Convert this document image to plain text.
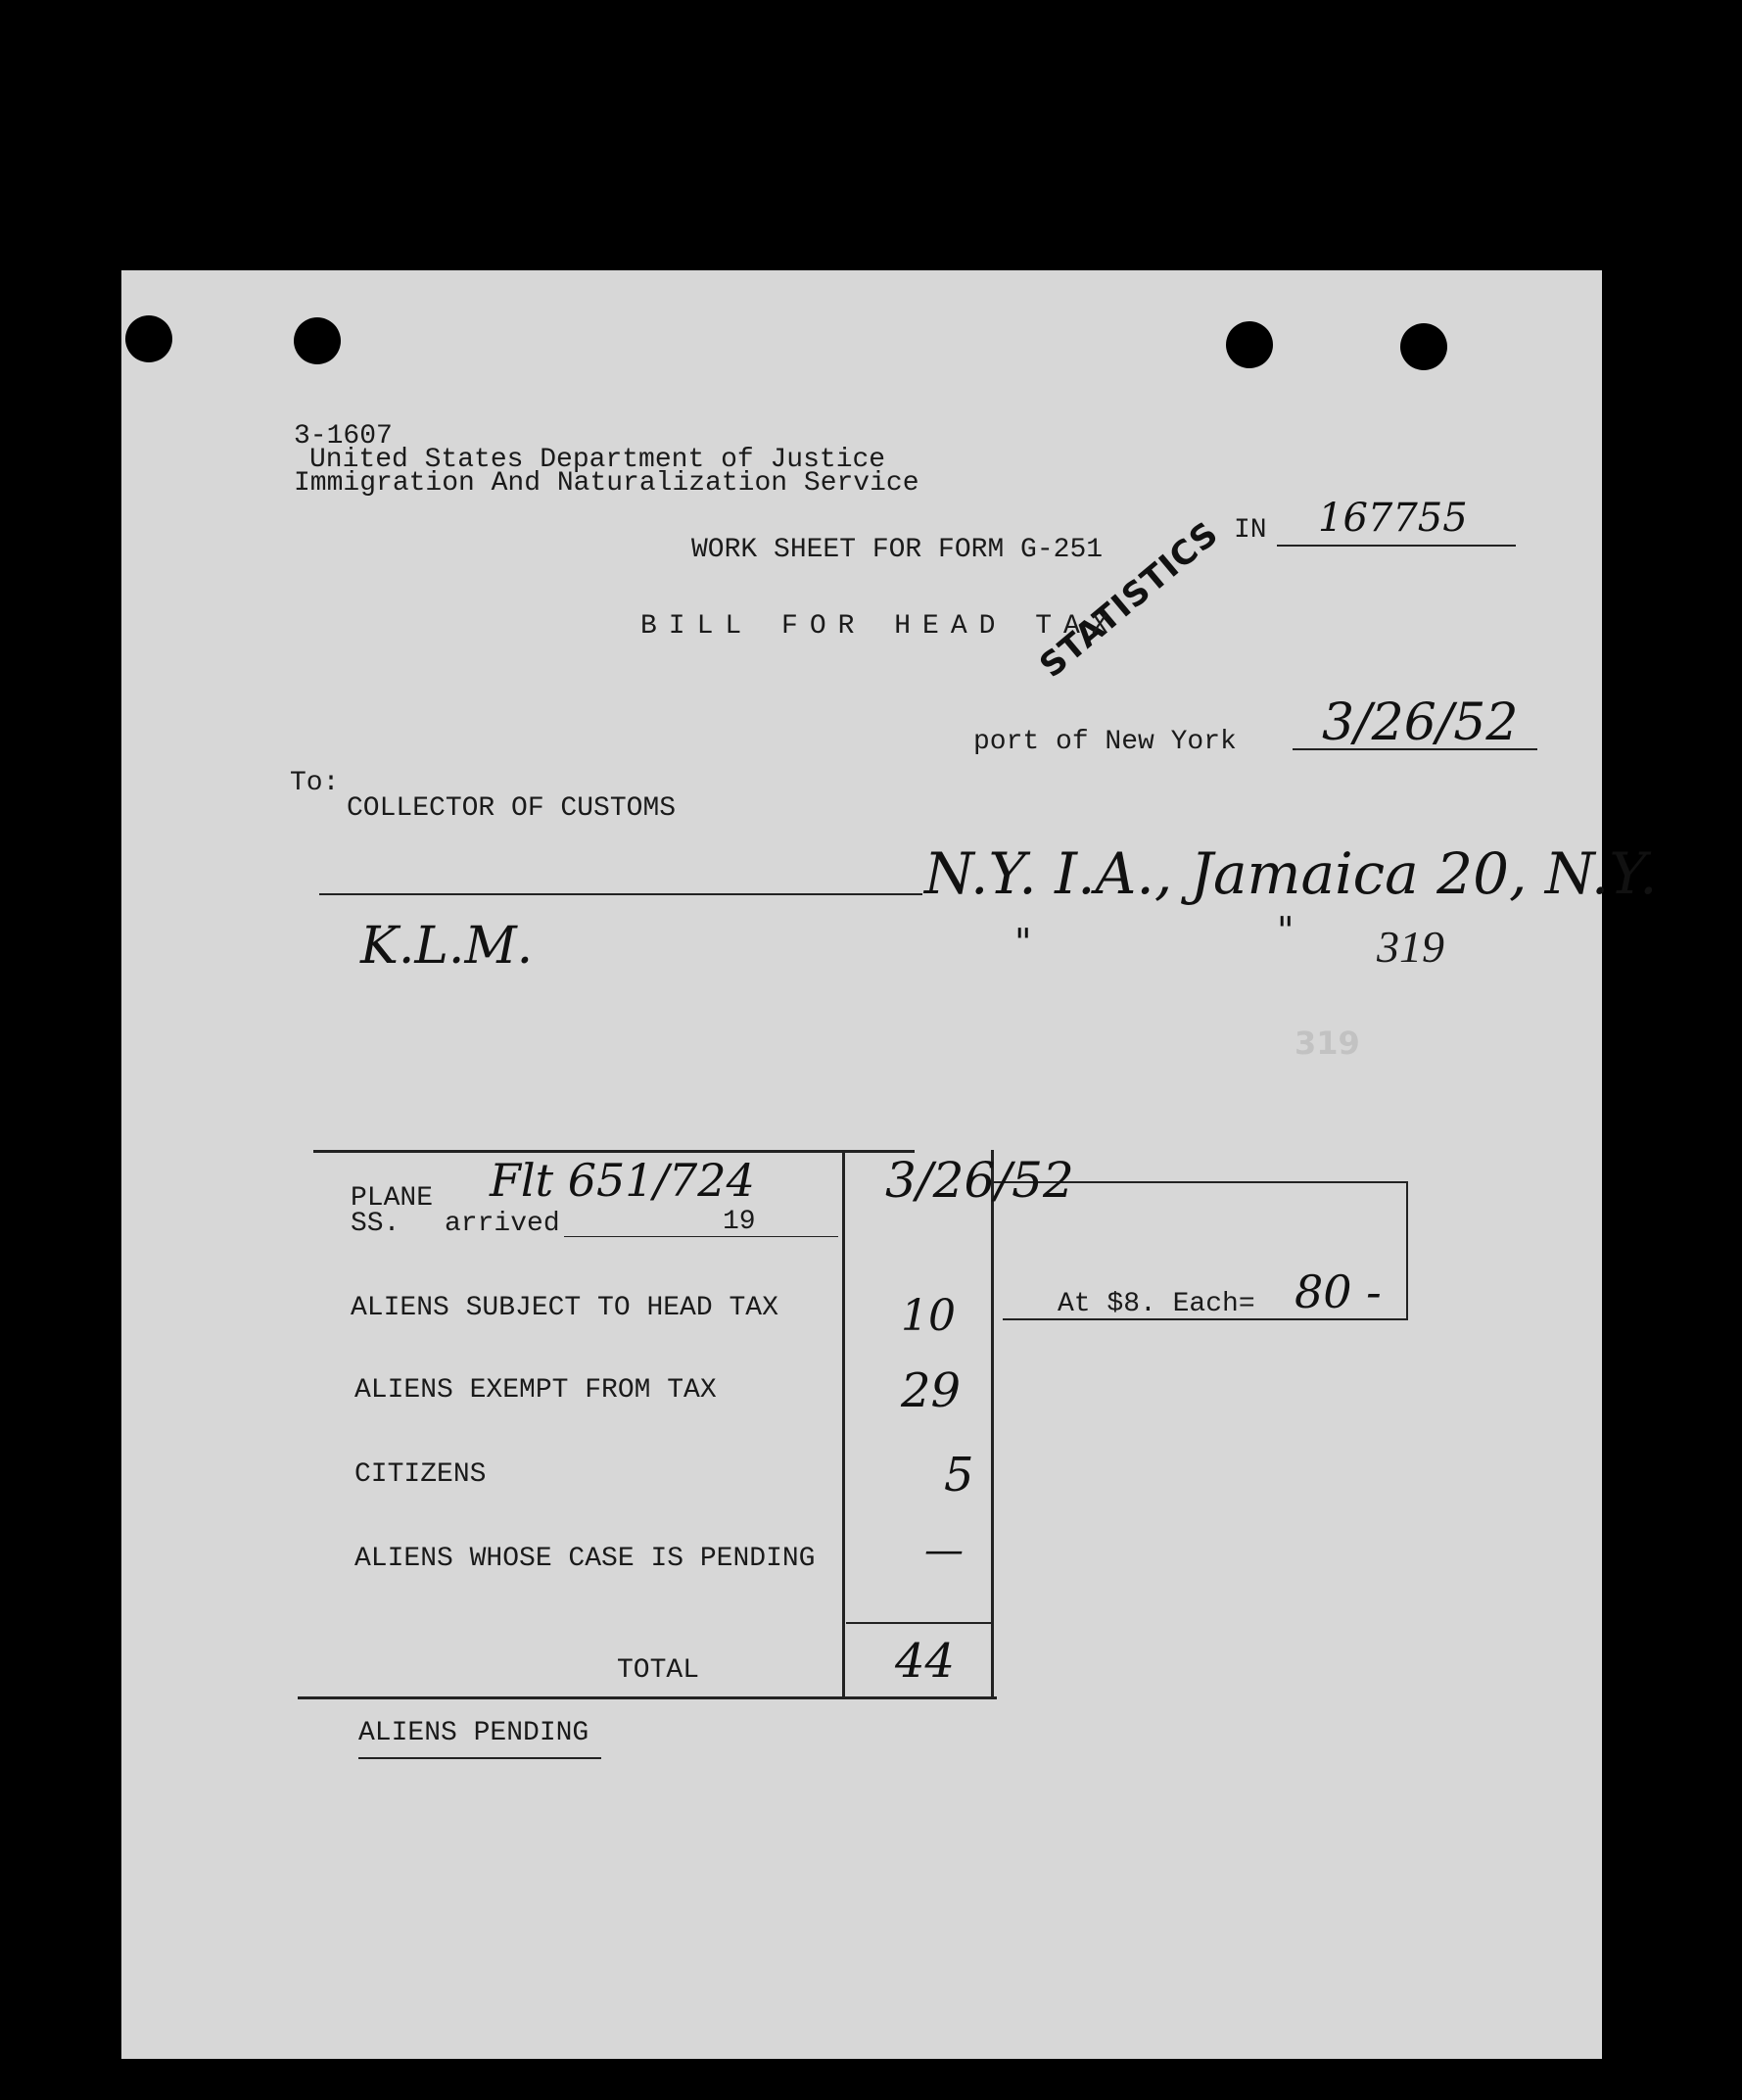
STATISTICS
3-1607
United States Department of Justice
Immigration And Naturalization Service
IN 167755
WORK SHEET FOR FORM G-251
BILL FOR HEAD TAX
port of New York 3/26/52
To:
COLLECTOR OF CUSTOMS
N.Y. I.A., Jamaica 20, N.Y.
K.L.M.	"	" 319
319
PLANE
SS. arrived	19
Flt 651/724	3/26/52
ALIENS SUBJECT TO HEAD TAX	10	At $8. Each= 80 -
ALIENS EXEMPT FROM TAX	29
CITIZENS	5
ALIENS WHOSE CASE IS PENDING	—
TOTAL	44
ALIENS PENDING
